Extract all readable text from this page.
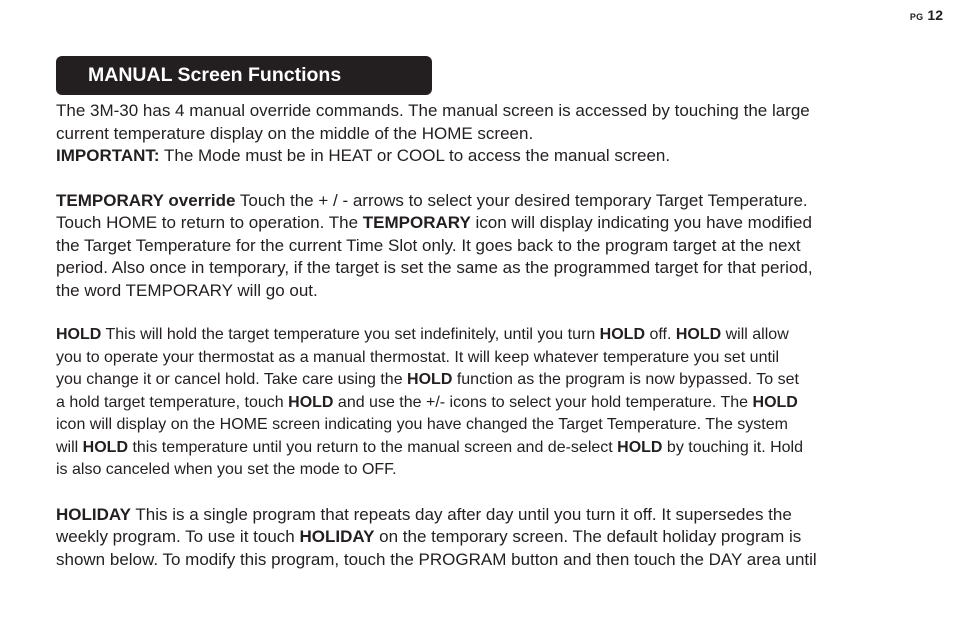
PG 12
MANUAL Screen Functions

The 3M-30 has 4 manual override commands. The manual screen is accessed by touching the large
current temperature display on the middle of the HOME screen.
IMPORTANT: The Mode must be in HEAT or COOL to access the manual screen.

TEMPORARY override Touch the + / - arrows to select your desired temporary Target Temperature.
Touch HOME to return to operation. The TEMPORARY icon will display indicating you have modified
the Target Temperature for the current Time Slot only. It goes back to the program target at the next
period. Also once in temporary, if the target is set the same as the programmed target for that period,
the word TEMPORARY will go out.

HOLD This will hold the target temperature you set indefinitely, until you turn HOLD off. HOLD will allow
you to operate your thermostat as a manual thermostat. It will keep whatever temperature you set until
you change it or cancel hold. Take care using the HOLD function as the program is now bypassed. To set
a hold target temperature, touch HOLD and use the +/- icons to select your hold temperature. The HOLD
icon will display on the HOME screen indicating you have changed the Target Temperature. The system
will HOLD this temperature until you return to the manual screen and de-select HOLD by touching it. Hold
is also canceled when you set the mode to OFF.

HOLIDAY This is a single program that repeats day after day until you turn it off. It supersedes the
weekly program. To use it touch HOLIDAY on the temporary screen. The default holiday program is
shown below. To modify this program, touch the PROGRAM button and then touch the DAY area until
